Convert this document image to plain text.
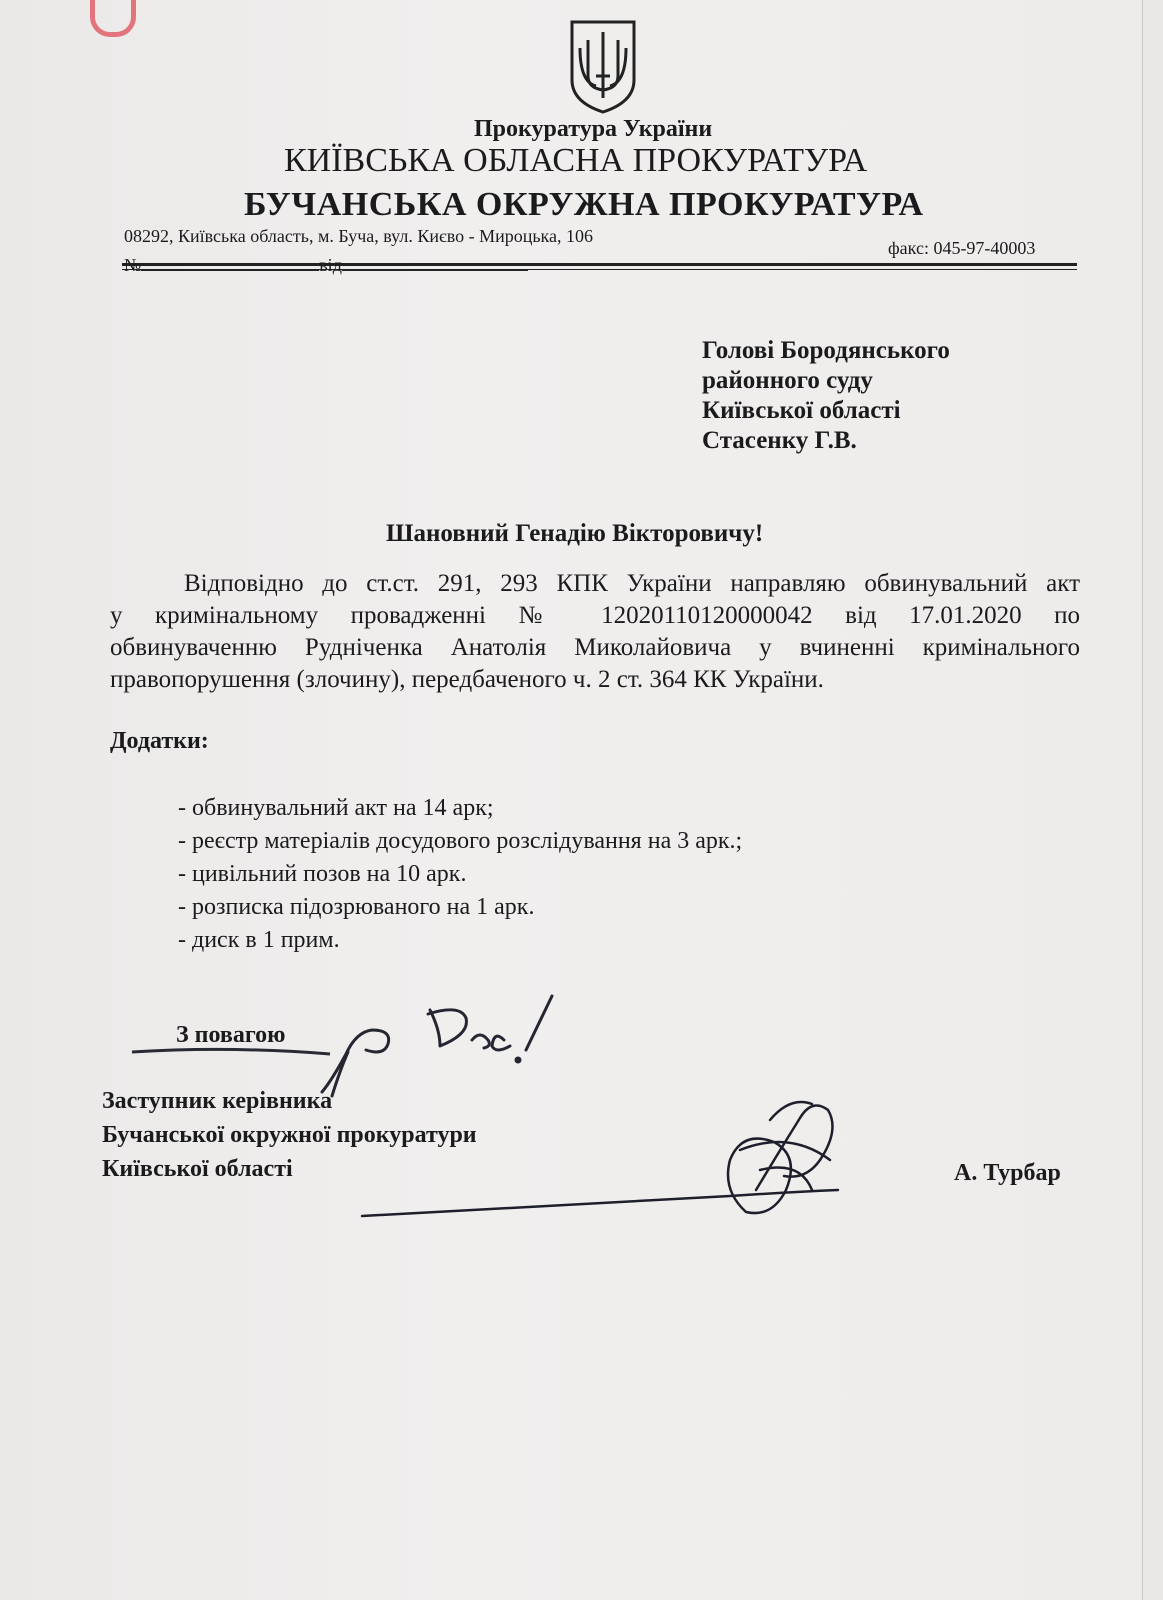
Прокуратура України
КИЇВСЬКА ОБЛАСНА ПРОКУРАТУРА
БУЧАНСЬКА ОКРУЖНА ПРОКУРАТУРА
08292, Київська область, м. Буча, вул. Києво - Мироцька, 106
факс: 045-97-40003
№	від
Голові Бородянського
районного суду
Київської області
Стасенку Г.В.
Шановний Генадію Вікторовичу!
Відповідно до ст.ст. 291, 293 КПК України направляю обвинувальний акт
у кримінальному провадженні № 12020110120000042 від 17.01.2020 по
обвинуваченню Рудніченка Анатолія Миколайовича у вчиненні кримінального
правопорушення (злочину), передбаченого ч. 2 ст. 364 КК України.
Додатки:
- обвинувальний акт на 14 арк;
- реєстр матеріалів досудового розслідування на 3 арк.;
- цивільний позов на 10 арк.
- розписка підозрюваного на 1 арк.
- диск в 1 прим.
З повагою
Заступник керівника
Бучанської окружної прокуратури
Київської області	А. Турбар
